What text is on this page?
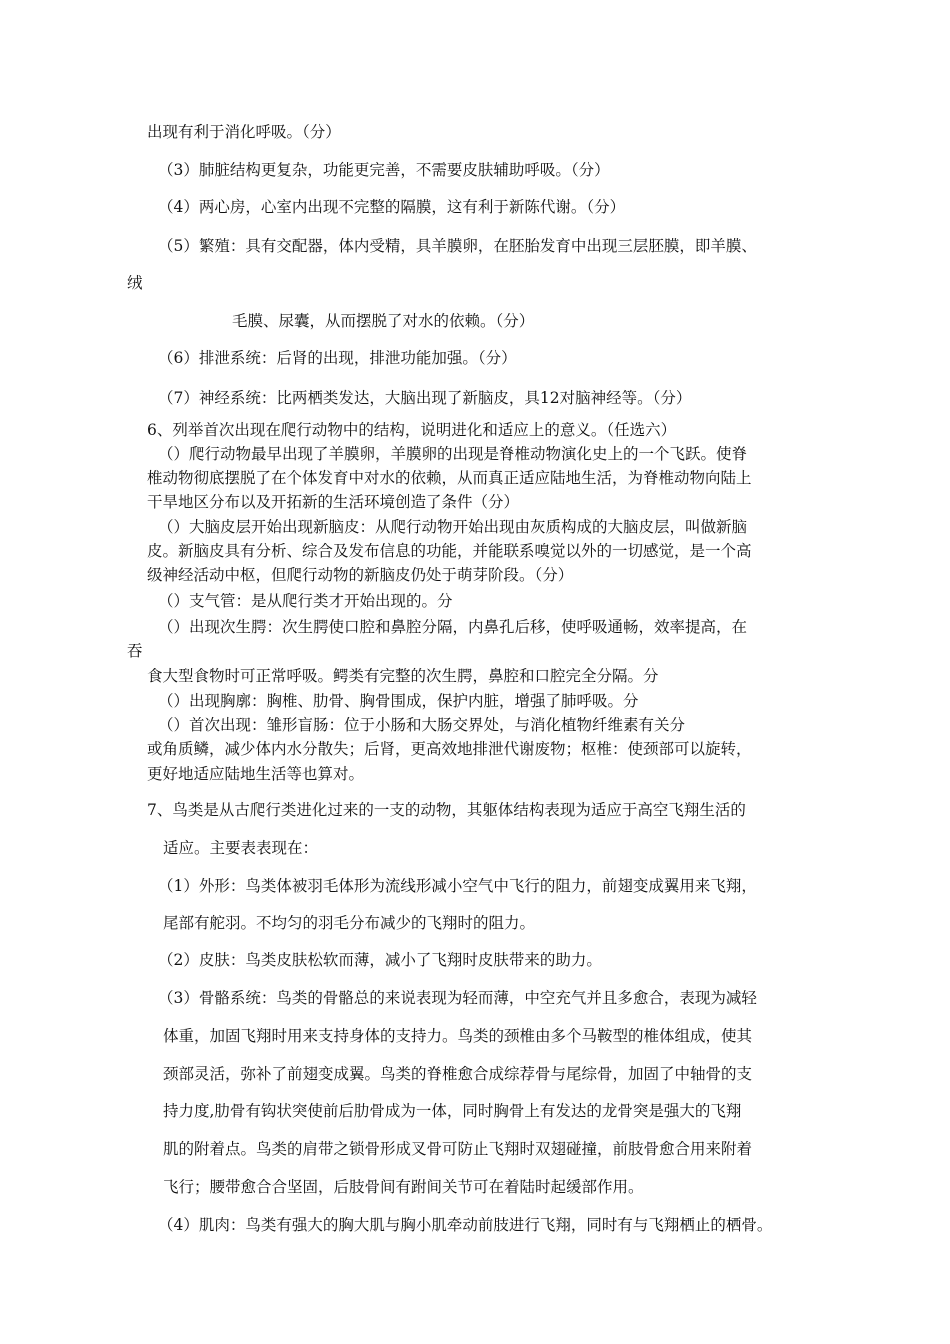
出现有利于消化呼吸。（分）
（3）肺脏结构更复杂，功能更完善，不需要皮肤辅助呼吸。（分）
（4）两心房，心室内出现不完整的隔膜，这有利于新陈代谢。（分）
（5）繁殖：具有交配器，体内受精，具羊膜卵，在胚胎发育中出现三层胚膜，即羊膜、
绒
毛膜、尿囊，从而摆脱了对水的依赖。（分）
（6）排泄系统：后肾的出现，排泄功能加强。（分）
（7）神经系统：比两栖类发达，大脑出现了新脑皮，具12对脑神经等。（分）
6、列举首次出现在爬行动物中的结构，说明进化和适应上的意义。（任选六）
（）爬行动物最早出现了羊膜卵，羊膜卵的出现是脊椎动物演化史上的一个飞跃。使脊
椎动物彻底摆脱了在个体发育中对水的依赖，从而真正适应陆地生活，为脊椎动物向陆上
干旱地区分布以及开拓新的生活环境创造了条件（分）
（）大脑皮层开始出现新脑皮：从爬行动物开始出现由灰质构成的大脑皮层，叫做新脑
皮。新脑皮具有分析、综合及发布信息的功能，并能联系嗅觉以外的一切感觉，是一个高
级神经活动中枢，但爬行动物的新脑皮仍处于萌芽阶段。（分）
（）支气管：是从爬行类才开始出现的。分
（）出现次生腭：次生腭使口腔和鼻腔分隔，内鼻孔后移，使呼吸通畅，效率提高，在
吞
食大型食物时可正常呼吸。鳄类有完整的次生腭，鼻腔和口腔完全分隔。分
（）出现胸廓：胸椎、肋骨、胸骨围成，保护内脏，增强了肺呼吸。分
（）首次出现：雏形盲肠：位于小肠和大肠交界处，与消化植物纤维素有关分
或角质鳞，减少体内水分散失；后肾，更高效地排泄代谢废物；枢椎：使颈部可以旋转，
更好地适应陆地生活等也算对。
7、鸟类是从古爬行类进化过来的一支的动物，其躯体结构表现为适应于高空飞翔生活的
适应。主要表表现在：
（1）外形：鸟类体被羽毛体形为流线形减小空气中飞行的阻力，前翅变成翼用来飞翔，
尾部有舵羽。不均匀的羽毛分布减少的飞翔时的阻力。
（2）皮肤：鸟类皮肤松软而薄，减小了飞翔时皮肤带来的助力。
（3）骨骼系统：鸟类的骨骼总的来说表现为轻而薄，中空充气并且多愈合，表现为减轻
体重，加固飞翔时用来支持身体的支持力。鸟类的颈椎由多个马鞍型的椎体组成，使其
颈部灵活，弥补了前翅变成翼。鸟类的脊椎愈合成综荐骨与尾综骨，加固了中轴骨的支
持力度,肋骨有钩状突使前后肋骨成为一体，同时胸骨上有发达的龙骨突是强大的飞翔
肌的附着点。鸟类的肩带之锁骨形成叉骨可防止飞翔时双翅碰撞，前肢骨愈合用来附着
飞行；腰带愈合合坚固，后肢骨间有跗间关节可在着陆时起缓部作用。
（4）肌肉：鸟类有强大的胸大肌与胸小肌牵动前肢进行飞翔，同时有与飞翔栖止的栖骨。
